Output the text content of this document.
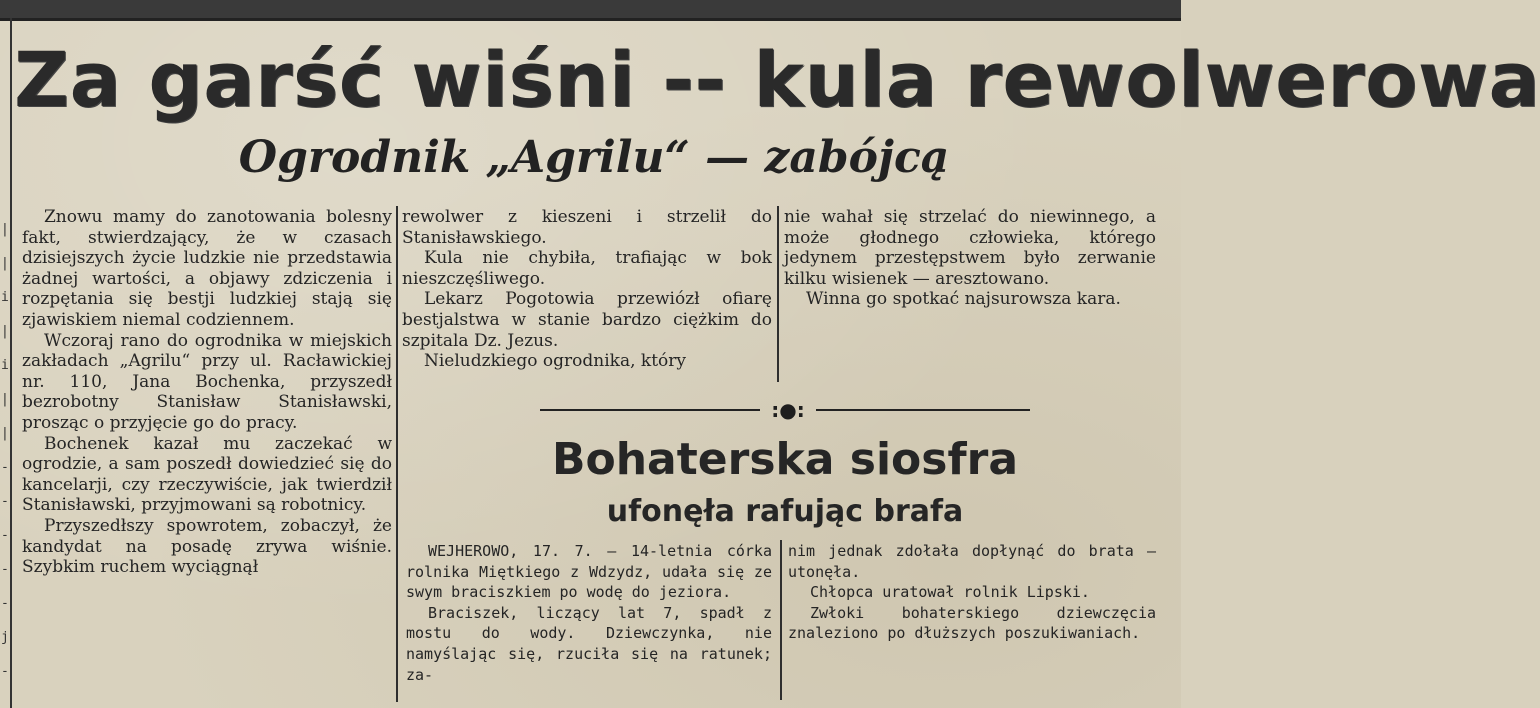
|
|
i
|
i
|
|
-
-
-
-
-
j
-
Za garść wiśni -- kula rewolwerowa
Ogrodnik „Agrilu“ — zabójcą

Znowu mamy do zanotowania bolesny fakt, stwierdzający, że w czasach dzisiejszych życie ludzkie nie przedstawia żadnej wartości, a objawy zdziczenia i rozpętania się bestji ludzkiej stają się zjawiskiem niemal codziennem.

Wczoraj rano do ogrodnika w miejskich zakładach „Agrilu“ przy ul. Racławickiej nr. 110, Jana Bochenka, przyszedł bezrobotny Stanisław Stanisławski, prosząc o przyjęcie go do pracy.

Bochenek kazał mu zaczekać w ogrodzie, a sam poszedł dowiedzieć się do kancelarji, czy rzeczywiście, jak twierdził Stanisławski, przyjmowani są robotnicy.

Przyszedłszy spowrotem, zobaczył, że kandydat na posadę zrywa wiśnie. Szybkim ruchem wyciągnął

rewolwer z kieszeni i strzelił do Stanisławskiego.

Kula nie chybiła, trafiając w bok nieszczęśliwego.

Lekarz Pogotowia przewiózł ofiarę bestjalstwa w stanie bardzo ciężkim do szpitala Dz. Jezus.

Nieludzkiego ogrodnika, który

nie wahał się strzelać do niewinnego, a może głodnego człowieka, którego jedynem przestępstwem było zerwanie kilku wisienek — aresztowano.

Winna go spotkać najsurowsza kara.

:●:
Bohaterska siosfra
ufonęła rafując brafa

WEJHEROWO, 17. 7. — 14-letnia córka rolnika Miętkiego z Wdzydz, udała się ze swym braciszkiem po wodę do jeziora.

Braciszek, liczący lat 7, spadł z mostu do wody. Dziewczynka, nie namyślając się, rzuciła się na ratunek; za-

nim jednak zdołała dopłynąć do brata — utonęła.

Chłopca uratował rolnik Lipski.

Zwłoki bohaterskiego dziewczęcia znaleziono po dłuższych poszukiwaniach.
